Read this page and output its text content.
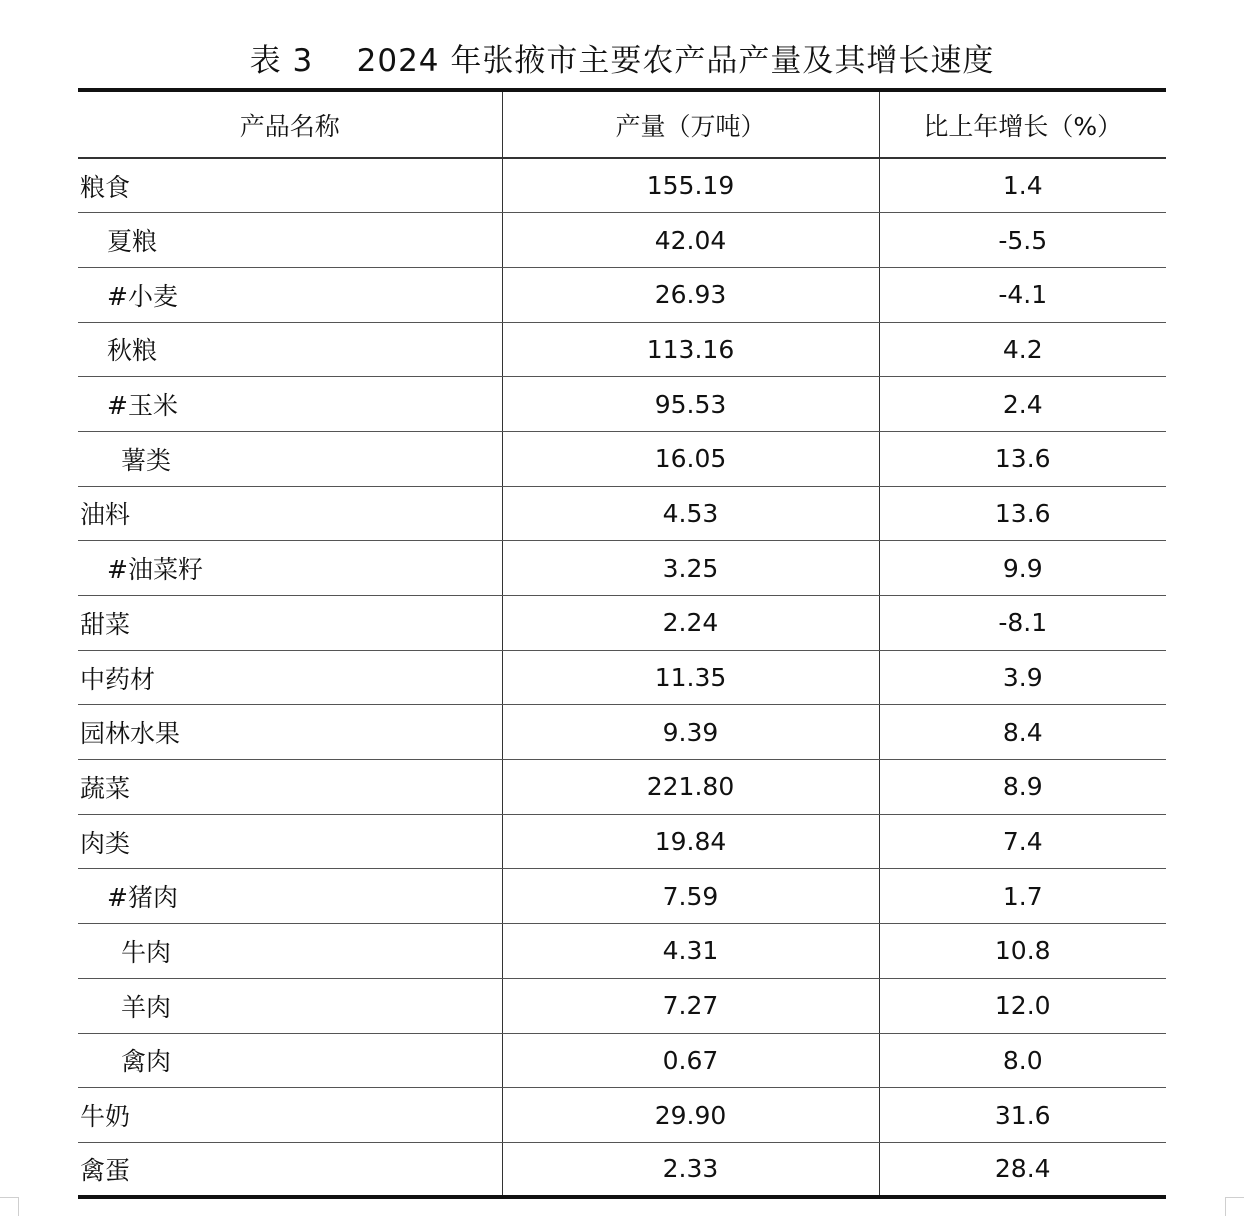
表 3    2024 年张掖市主要农产品产量及其增长速度
产品名称	产量（万吨）	比上年增长（%）
粮食	155.19	1.4
夏粮	42.04	-5.5
#小麦	26.93	-4.1
秋粮	113.16	4.2
#玉米	95.53	2.4
薯类	16.05	13.6
油料	4.53	13.6
#油菜籽	3.25	9.9
甜菜	2.24	-8.1
中药材	11.35	3.9
园林水果	9.39	8.4
蔬菜	221.80	8.9
肉类	19.84	7.4
#猪肉	7.59	1.7
牛肉	4.31	10.8
羊肉	7.27	12.0
禽肉	0.67	8.0
牛奶	29.90	31.6
禽蛋	2.33	28.4
